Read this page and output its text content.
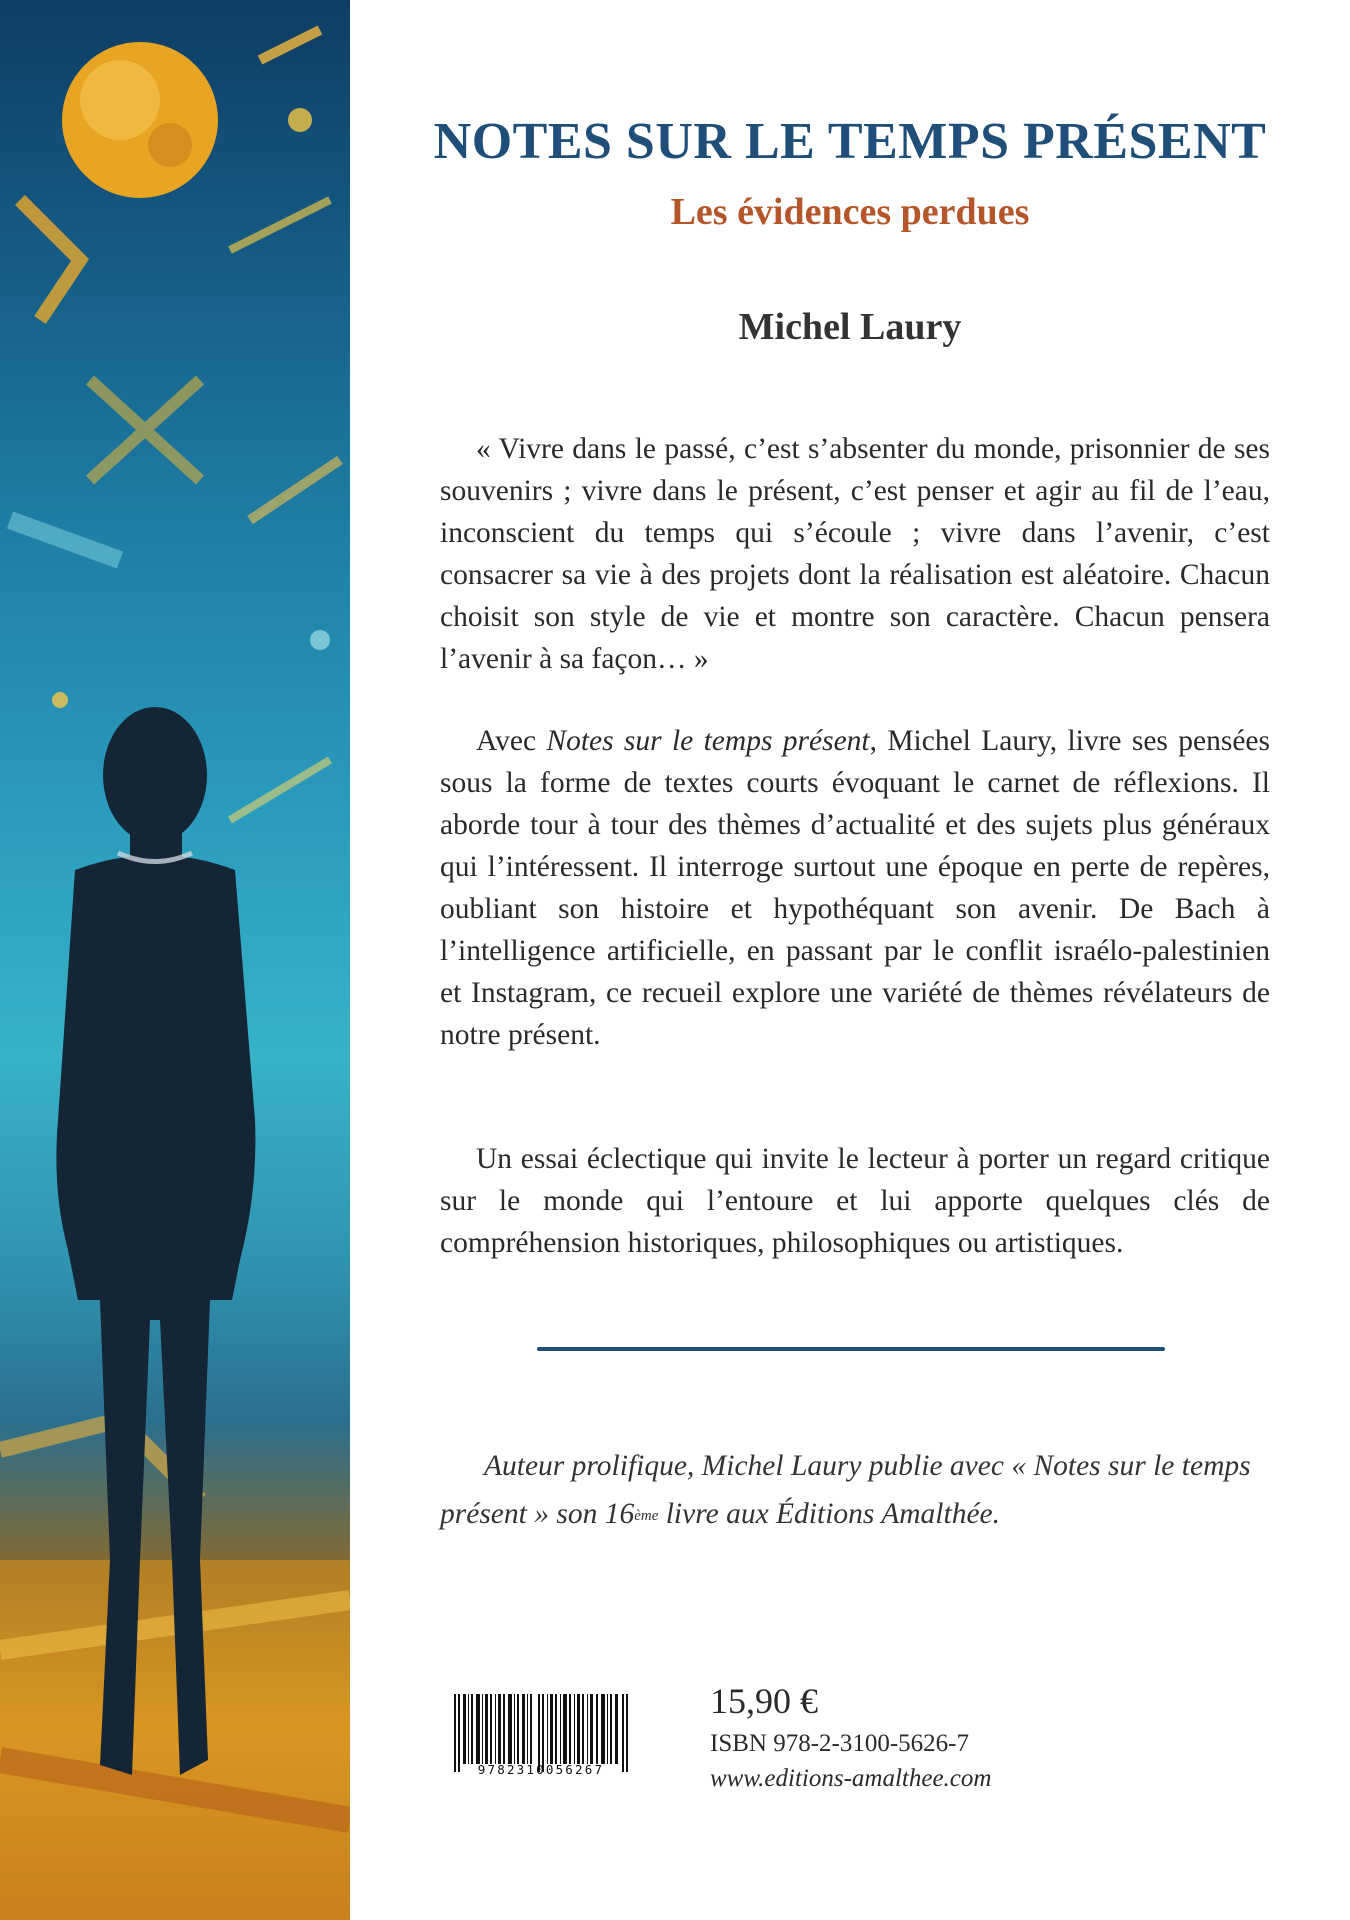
NOTES SUR LE TEMPS PRÉSENT
Les évidences perdues
Michel Laury

« Vivre dans le passé, c’est s’absenter du monde, prisonnier de ses souvenirs ; vivre dans le présent, c’est penser et agir au fil de l’eau, inconscient du temps qui s’écoule ; vivre dans l’avenir, c’est consacrer sa vie à des projets dont la réalisation est aléatoire. Chacun choisit son style de vie et montre son caractère. Chacun pensera l’avenir à sa façon… »

Avec Notes sur le temps présent, Michel Laury, livre ses pensées sous la forme de textes courts évoquant le carnet de réflexions. Il aborde tour à tour des thèmes d’actualité et des sujets plus généraux qui l’intéressent. Il interroge surtout une époque en perte de repères, oubliant son histoire et hypothéquant son avenir. De Bach à l’intelligence artificielle, en passant par le conflit israélo-palestinien et Instagram, ce recueil explore une variété de thèmes révélateurs de notre présent.

Un essai éclectique qui invite le lecteur à porter un regard critique sur le monde qui l’entoure et lui apporte quelques clés de compréhension historiques, philosophiques ou artistiques.

Auteur prolifique, Michel Laury publie avec « Notes sur le temps présent » son 16ème livre aux Éditions Amalthée.

9782310056267

15,90 €

ISBN 978-2-3100-5626-7

www.editions-amalthee.com
